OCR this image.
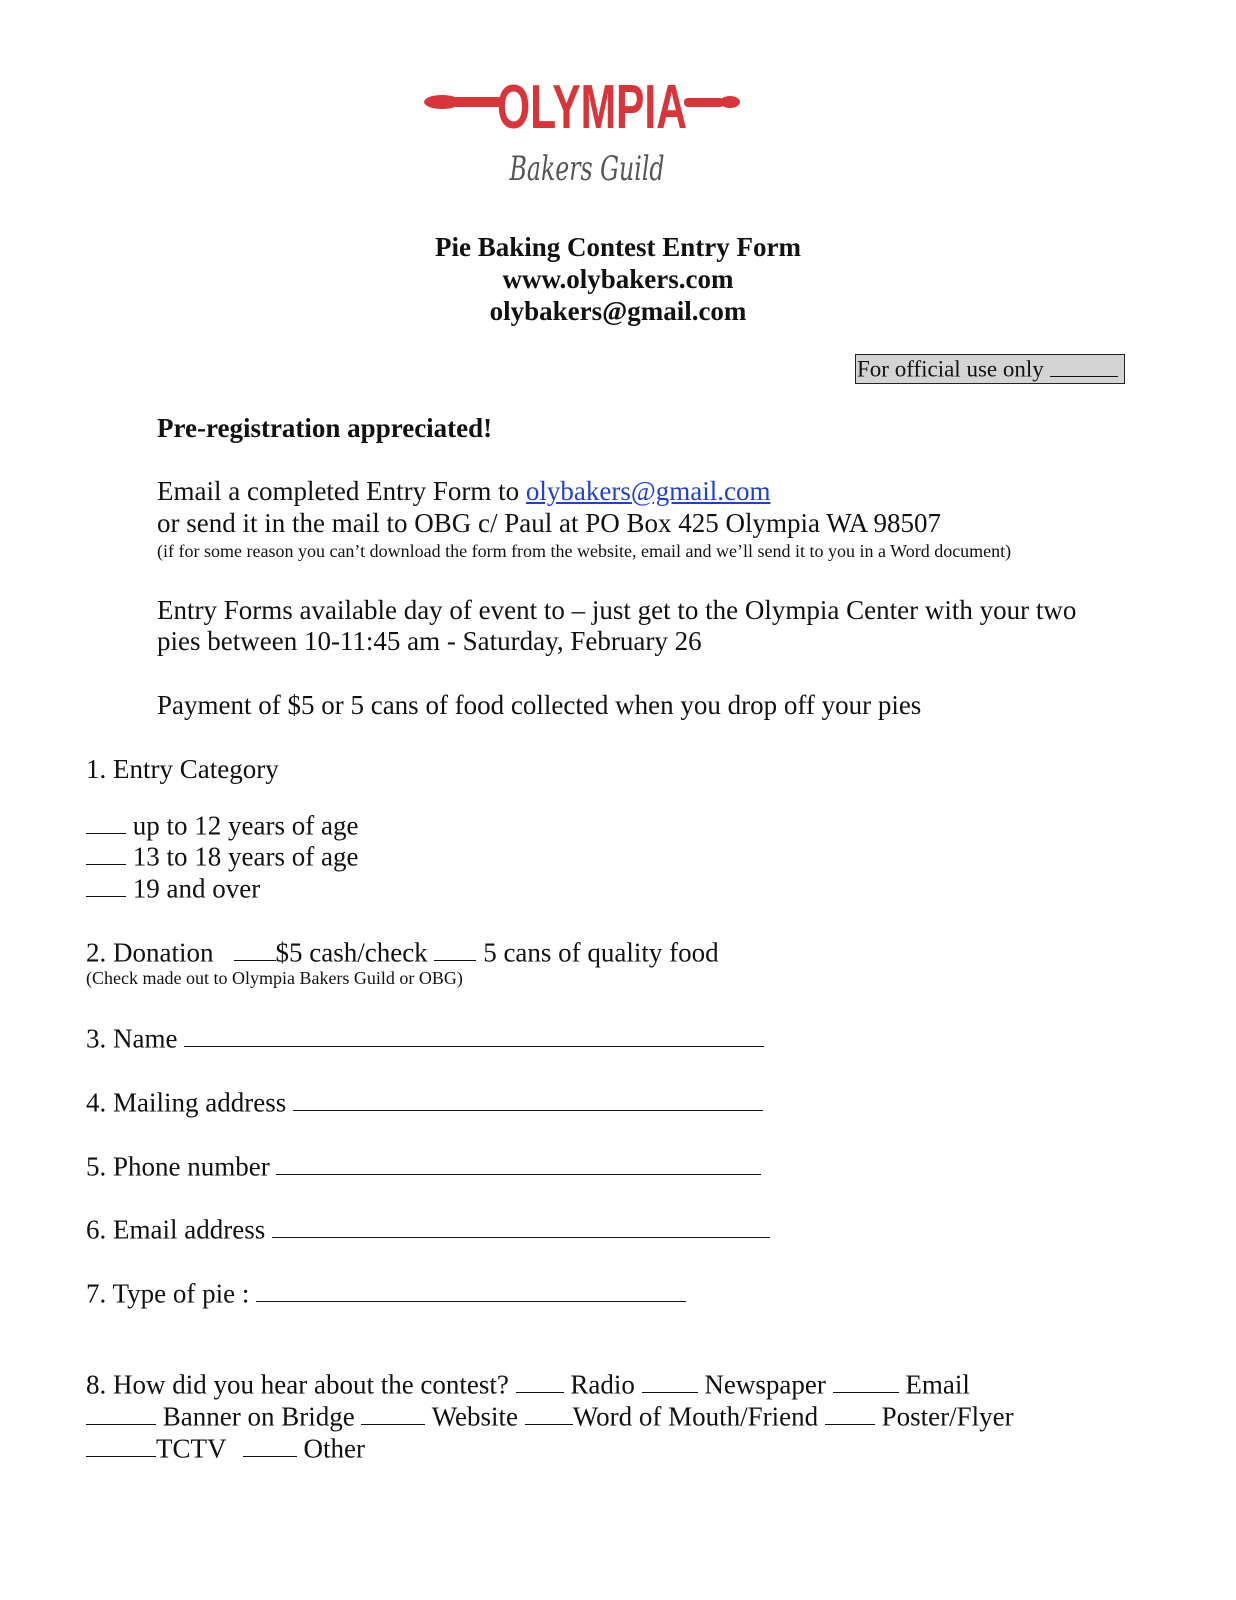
OLYMPIA
Bakers Guild
Pie Baking Contest Entry Form
www.olybakers.com
olybakers@gmail.com
For official use only
Pre-registration appreciated!
Email a completed Entry Form to olybakers@gmail.com
or send it in the mail to OBG c/ Paul at PO Box 425 Olympia WA 98507
(if for some reason you can’t download the form from the website, email and we’ll send it to you in a Word document)
Entry Forms available day of event to – just get to the Olympia Center with your two
pies between 10-11:45 am - Saturday, February 26
Payment of $5 or 5 cans of food collected when you drop off your pies
1. Entry Category
up to 12 years of age
13 to 18 years of age
19 and over
2. Donation $5 cash/check 5 cans of quality food
(Check made out to Olympia Bakers Guild or OBG)
3. Name
4. Mailing address
5. Phone number
6. Email address
7. Type of pie :
8. How did you hear about the contest? Radio	Newspaper	Email
Banner on Bridge	Website Word of Mouth/Friend Poster/Flyer
TCTV	Other
